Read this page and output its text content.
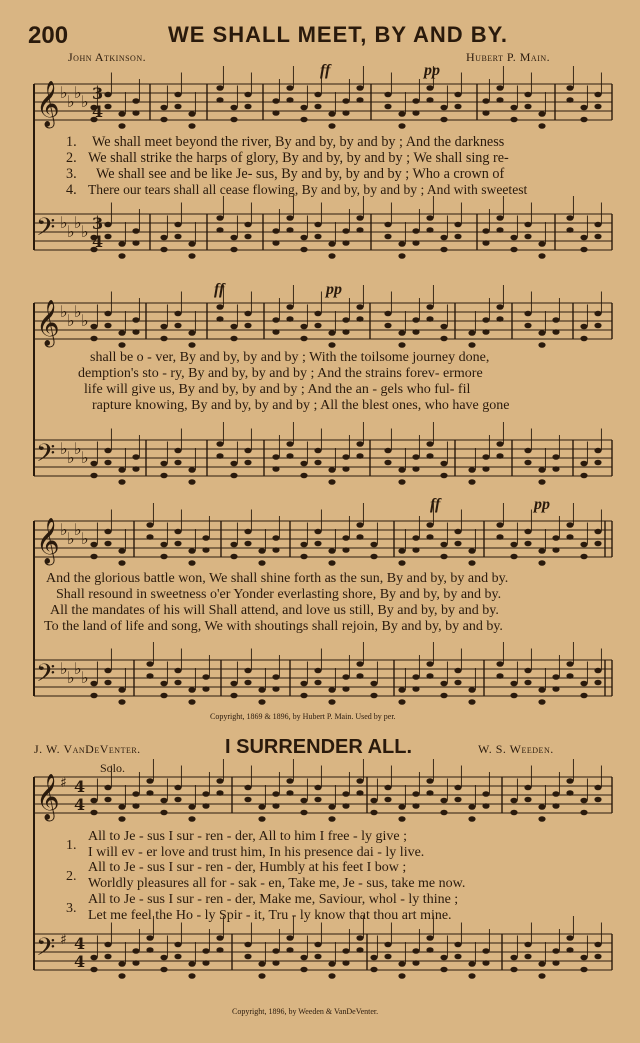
𝄞 ♭ ♭ ♭ ♭
𝄢 ♭ ♭ ♭ ♭
𝄞 ♭ ♭ ♭ ♭
𝄢 ♭ ♭ ♭ ♭
𝄞 ♭ ♭ ♭ ♭
𝄢 ♭ ♭ ♭ ♭
𝄞 ♯
𝄢 ♯
3
4
3
4
4
4
4
4
200	WE SHALL MEET, BY AND BY.
John Atkinson.	Hubert P. Main.
ff	pp
ff	pp
ff	pp
1. We shall meet beyond the river, By and by, by and by ; And the darkness
2. We shall strike the harps of glory, By and by, by and by ; We shall sing re-
3. We shall see and be like Je- sus, By and by, by and by ; Who a crown of
4. There our tears shall all cease flowing, By and by, by and by ; And with sweetest
shall be o - ver, By and by, by and by ; With the toilsome journey done,
demption's sto - ry, By and by, by and by ; And the strains forev- ermore
life will give us, By and by, by and by ; And the an - gels who ful- fil
rapture knowing, By and by, by and by ; All the blest ones, who have gone
And the glorious battle won, We shall shine forth as the sun, By and by, by and by.
Shall resound in sweetness o'er Yonder everlasting shore, By and by, by and by.
All the mandates of his will Shall attend, and love us still, By and by, by and by.
To the land of life and song, We with shoutings shall rejoin, By and by, by and by.
Copyright, 1869 & 1896, by Hubert P. Main. Used by per.
J. W. VanDeVenter.	I SURRENDER ALL.	W. S. Weeden.
Solo.
1.
All to Je - sus I sur - ren - der, All to him I free - ly give ;
I will ev - er love and trust him, In his presence dai - ly live.
2.
All to Je - sus I sur - ren - der, Humbly at his feet I bow ;
Worldly pleasures all for - sak - en, Take me, Je - sus, take me now.
3.
All to Je - sus I sur - ren - der, Make me, Saviour, whol - ly thine ;
Let me feel the Ho - ly Spir - it, Tru - ly know that thou art mine.
Copyright, 1896, by Weeden & VanDeVenter.
